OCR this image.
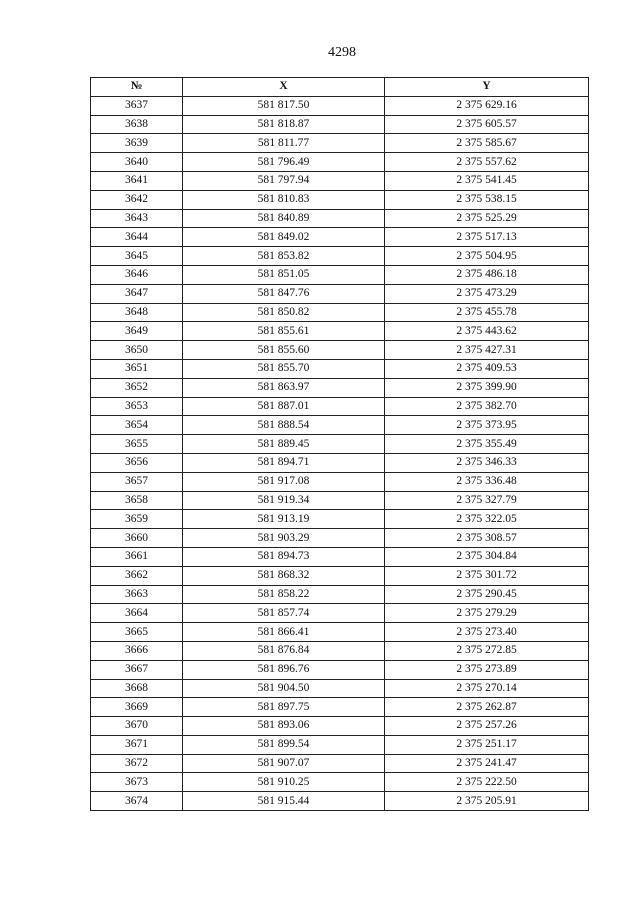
4298
№	X	Y
3637	581 817.50	2 375 629.16
3638	581 818.87	2 375 605.57
3639	581 811.77	2 375 585.67
3640	581 796.49	2 375 557.62
3641	581 797.94	2 375 541.45
3642	581 810.83	2 375 538.15
3643	581 840.89	2 375 525.29
3644	581 849.02	2 375 517.13
3645	581 853.82	2 375 504.95
3646	581 851.05	2 375 486.18
3647	581 847.76	2 375 473.29
3648	581 850.82	2 375 455.78
3649	581 855.61	2 375 443.62
3650	581 855.60	2 375 427.31
3651	581 855.70	2 375 409.53
3652	581 863.97	2 375 399.90
3653	581 887.01	2 375 382.70
3654	581 888.54	2 375 373.95
3655	581 889.45	2 375 355.49
3656	581 894.71	2 375 346.33
3657	581 917.08	2 375 336.48
3658	581 919.34	2 375 327.79
3659	581 913.19	2 375 322.05
3660	581 903.29	2 375 308.57
3661	581 894.73	2 375 304.84
3662	581 868.32	2 375 301.72
3663	581 858.22	2 375 290.45
3664	581 857.74	2 375 279.29
3665	581 866.41	2 375 273.40
3666	581 876.84	2 375 272.85
3667	581 896.76	2 375 273.89
3668	581 904.50	2 375 270.14
3669	581 897.75	2 375 262.87
3670	581 893.06	2 375 257.26
3671	581 899.54	2 375 251.17
3672	581 907.07	2 375 241.47
3673	581 910.25	2 375 222.50
3674	581 915.44	2 375 205.91
